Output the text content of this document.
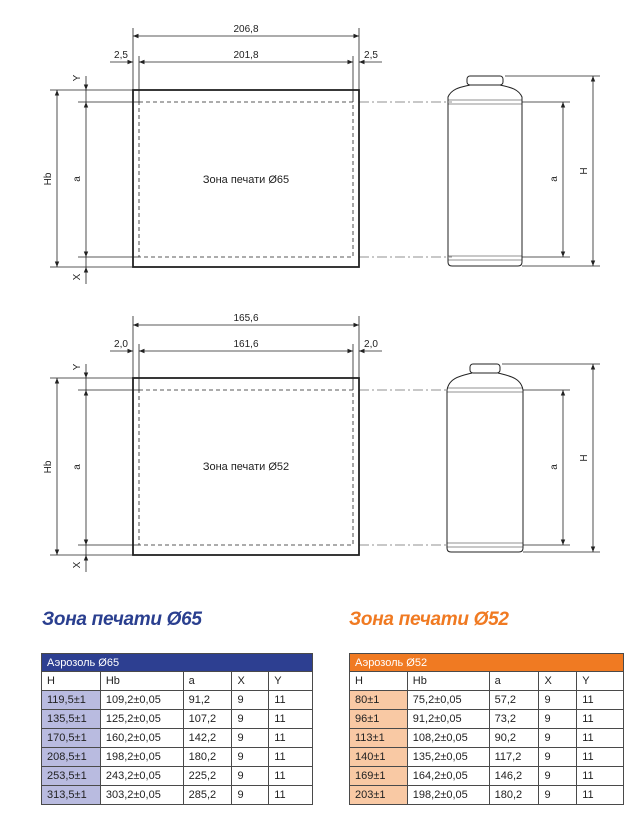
206,8
201,8
2,5	2,5
Зона печати Ø65
Y
Hb a
X
a
H
165,6
161,6
2,0	2,0
Зона печати Ø52
Y
Hb a
X
a
H
Зона печати Ø65	Зона печати Ø52
Аэрозоль Ø65				
H	Hb	a	X	Y
119,5±1	109,2±0,05	91,2	9	11
135,5±1	125,2±0,05	107,2	9	11
170,5±1	160,2±0,05	142,2	9	11
208,5±1	198,2±0,05	180,2	9	11
253,5±1	243,2±0,05	225,2	9	11
313,5±1	303,2±0,05	285,2	9	11
Аэрозоль Ø52				
H	Hb	a	X	Y
80±1	75,2±0,05	57,2	9	11
96±1	91,2±0,05	73,2	9	11
113±1	108,2±0,05	90,2	9	11
140±1	135,2±0,05	117,2	9	11
169±1	164,2±0,05	146,2	9	11
203±1	198,2±0,05	180,2	9	11
